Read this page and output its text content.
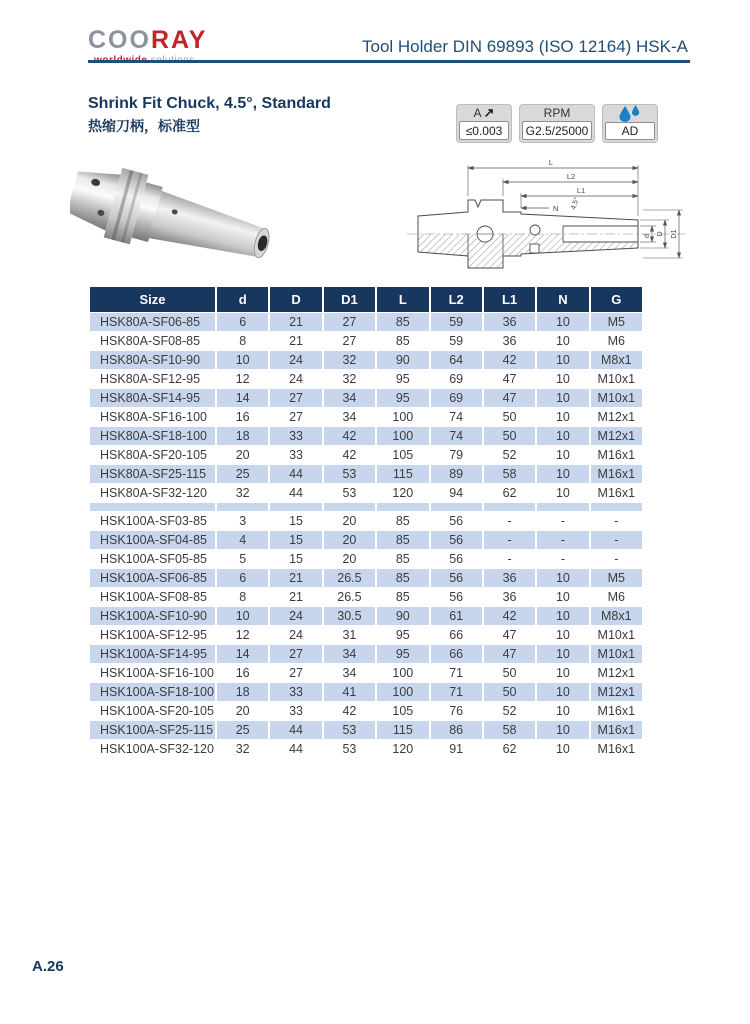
COORAY	Tool Holder DIN 69893 (ISO 12164) HSK-A
Shrink Fit Chuck, 4.5°, Standard
热缩刀柄，标准型
A ↗
≤0.003
RPM
G2.5/25000	AD
L
L2
L1
N 4.5°
d D D1
Size	d	D	D1	L	L2	L1	N	G
HSK80A-SF06-85	6	21	27	85	59	36	10	M5
HSK80A-SF08-85	8	21	27	85	59	36	10	M6
HSK80A-SF10-90	10	24	32	90	64	42	10	M8x1
HSK80A-SF12-95	12	24	32	95	69	47	10	M10x1
HSK80A-SF14-95	14	27	34	95	69	47	10	M10x1
HSK80A-SF16-100	16	27	34	100	74	50	10	M12x1
HSK80A-SF18-100	18	33	42	100	74	50	10	M12x1
HSK80A-SF20-105	20	33	42	105	79	52	10	M16x1
HSK80A-SF25-115	25	44	53	115	89	58	10	M16x1
HSK80A-SF32-120	32	44	53	120	94	62	10	M16x1

HSK100A-SF03-85	3	15	20	85	56	-	-	-
HSK100A-SF04-85	4	15	20	85	56	-	-	-
HSK100A-SF05-85	5	15	20	85	56	-	-	-
HSK100A-SF06-85	6	21	26.5	85	56	36	10	M5
HSK100A-SF08-85	8	21	26.5	85	56	36	10	M6
HSK100A-SF10-90	10	24	30.5	90	61	42	10	M8x1
HSK100A-SF12-95	12	24	31	95	66	47	10	M10x1
HSK100A-SF14-95	14	27	34	95	66	47	10	M10x1
HSK100A-SF16-100	16	27	34	100	71	50	10	M12x1
HSK100A-SF18-100	18	33	41	100	71	50	10	M12x1
HSK100A-SF20-105	20	33	42	105	76	52	10	M16x1
HSK100A-SF25-115	25	44	53	115	86	58	10	M16x1
HSK100A-SF32-120	32	44	53	120	91	62	10	M16x1
A.26
